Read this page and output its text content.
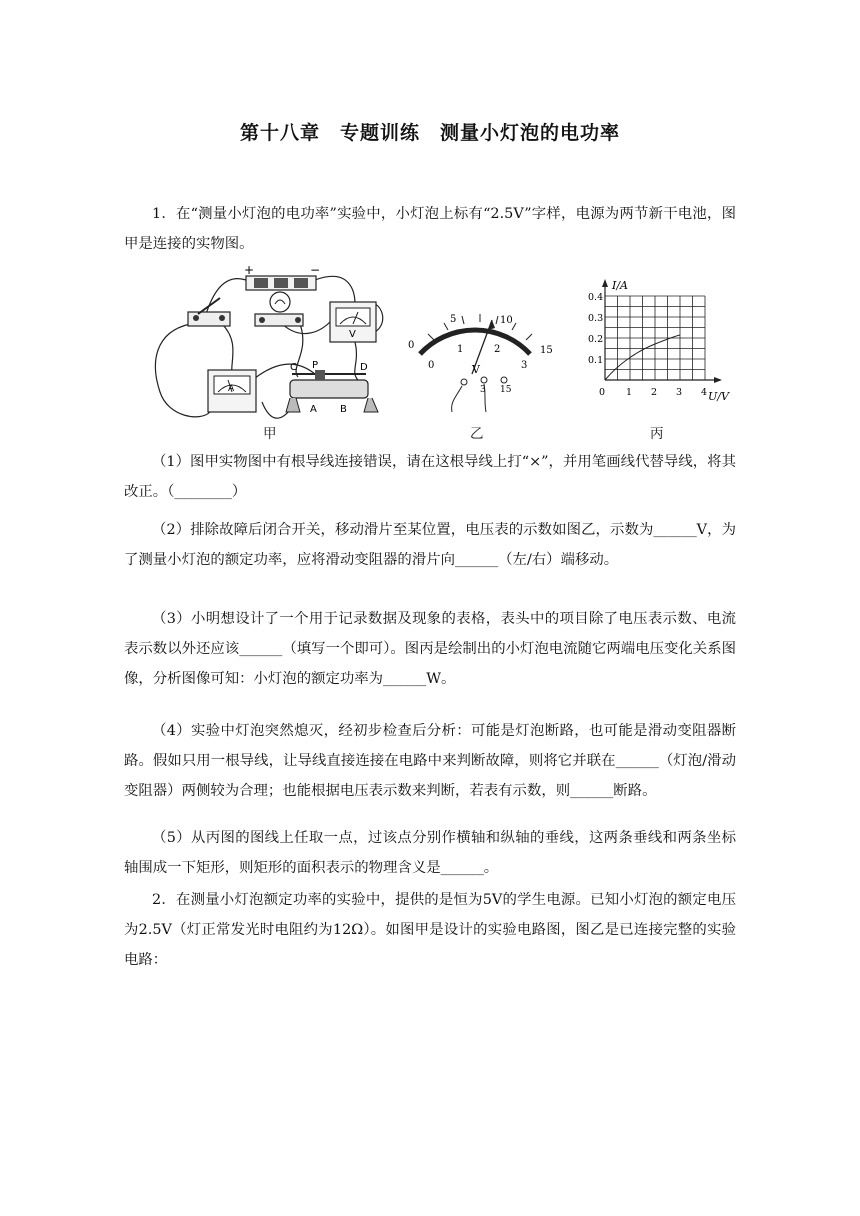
第十八章　专题训练　测量小灯泡的电功率
1．在“测量小灯泡的电功率”实验中，小灯泡上标有“2.5V”字样，电源为两节新干电池，图甲是连接的实物图。
+	−
V
A
C P	D
A B
0
5	10
15
0
1	2
3
V
3 15
I/A
U/V
0.4
0.3
0.2
0.1
0 1 2 3 4
甲	乙	丙
（1）图甲实物图中有根导线连接错误，请在这根导线上打“×”，并用笔画线代替导线，将其改正。（________）
（2）排除故障后闭合开关，移动滑片至某位置，电压表的示数如图乙，示数为______V，为了测量小灯泡的额定功率，应将滑动变阻器的滑片向______（左/右）端移动。
（3）小明想设计了一个用于记录数据及现象的表格，表头中的项目除了电压表示数、电流表示数以外还应该______（填写一个即可）。图丙是绘制出的小灯泡电流随它两端电压变化关系图像，分析图像可知：小灯泡的额定功率为______W。
（4）实验中灯泡突然熄灭，经初步检查后分析：可能是灯泡断路，也可能是滑动变阻器断路。假如只用一根导线，让导线直接连接在电路中来判断故障，则将它并联在______（灯泡/滑动变阻器）两侧较为合理；也能根据电压表示数来判断，若表有示数，则______断路。
（5）从丙图的图线上任取一点，过该点分别作横轴和纵轴的垂线，这两条垂线和两条坐标轴围成一下矩形，则矩形的面积表示的物理含义是______。
2．在测量小灯泡额定功率的实验中，提供的是恒为5V的学生电源。已知小灯泡的额定电压为2.5V（灯正常发光时电阻约为12Ω）。如图甲是设计的实验电路图，图乙是已连接完整的实验电路：
